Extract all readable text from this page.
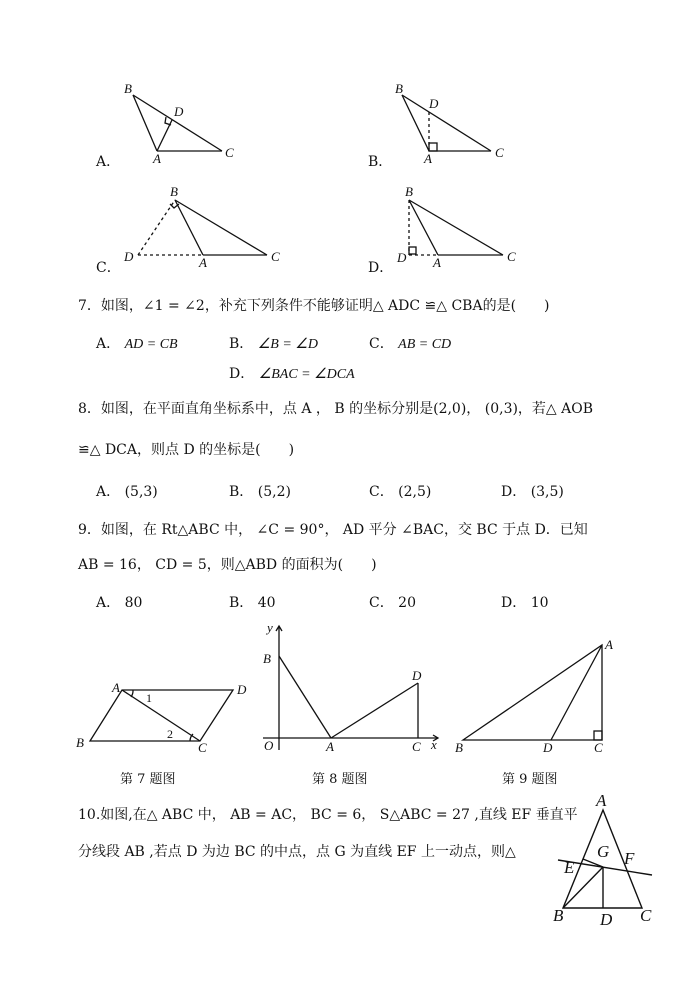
A．
B
D
A	C
B．
B
D
A	C
C．
B
D	A	C
D．
B
D A	C
7．如图，∠1 = ∠2，补充下列条件不能够证明△ ADC ≌△ CBA的是(　　)
A． AD = CB	B． ∠B = ∠D	C． AB = CD
D． ∠BAC = ∠DCA
8．如图，在平面直角坐标系中，点 A ， B 的坐标分别是(2,0)， (0,3)，若△ AOB
≌△ DCA，则点 D 的坐标是(　　)
A． (5,3)	B． (5,2)	C． (2,5)	D． (3,5)
9．如图，在 Rt△ABC 中， ∠C = 90°， AD 平分 ∠BAC，交 BC 于点 D．已知
AB = 16， CD = 5，则△ABD 的面积为(　　)
A． 80	B． 40	C． 20	D． 10
A	D
B	C
1
2
第 7 题图
y
x
B
O	A	C
D
第 8 题图
A
B	D	C
第 9 题图
10.如图,在△ ABC 中， AB = AC， BC = 6， S△ABC = 27 ,直线 EF 垂直平
分线段 AB ,若点 D 为边 BC 的中点，点 G 为直线 EF 上一动点，则△
A
E
G F
B D C
